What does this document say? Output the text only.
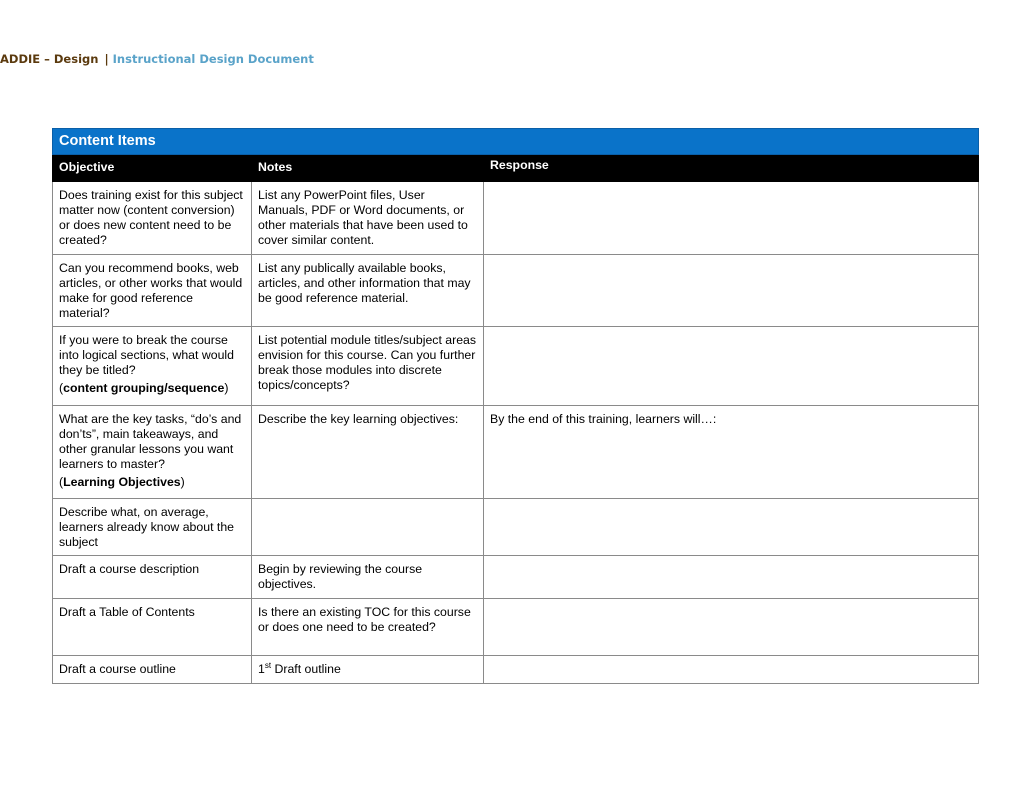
ADDIE – Design | Instructional Design Document
Content Items		
Objective	Notes	Response
Does training exist for this subject matter now (content conversion) or does new content need to be created?	List any PowerPoint files, User Manuals, PDF or Word documents, or other materials that have been used to cover similar content.	
Can you recommend books, web articles, or other works that would make for good reference material?	List any publically available books, articles, and other information that may be good reference material.	

If you were to break the course into logical sections, what would they be titled?
(content grouping/sequence)	List potential module titles/subject areas envision for this course. Can you further break those modules into discrete topics/concepts?	

What are the key tasks, “do’s and don’ts”, main takeaways, and other granular lessons you want learners to master?
(Learning Objectives)	Describe the key learning objectives:	By the end of this training, learners will…:
Describe what, on average, learners already know about the subject		
Draft a course description	Begin by reviewing the course objectives.	
Draft a Table of Contents	Is there an existing TOC for this course or does one need to be created?	
Draft a course outline	1st Draft outline	
